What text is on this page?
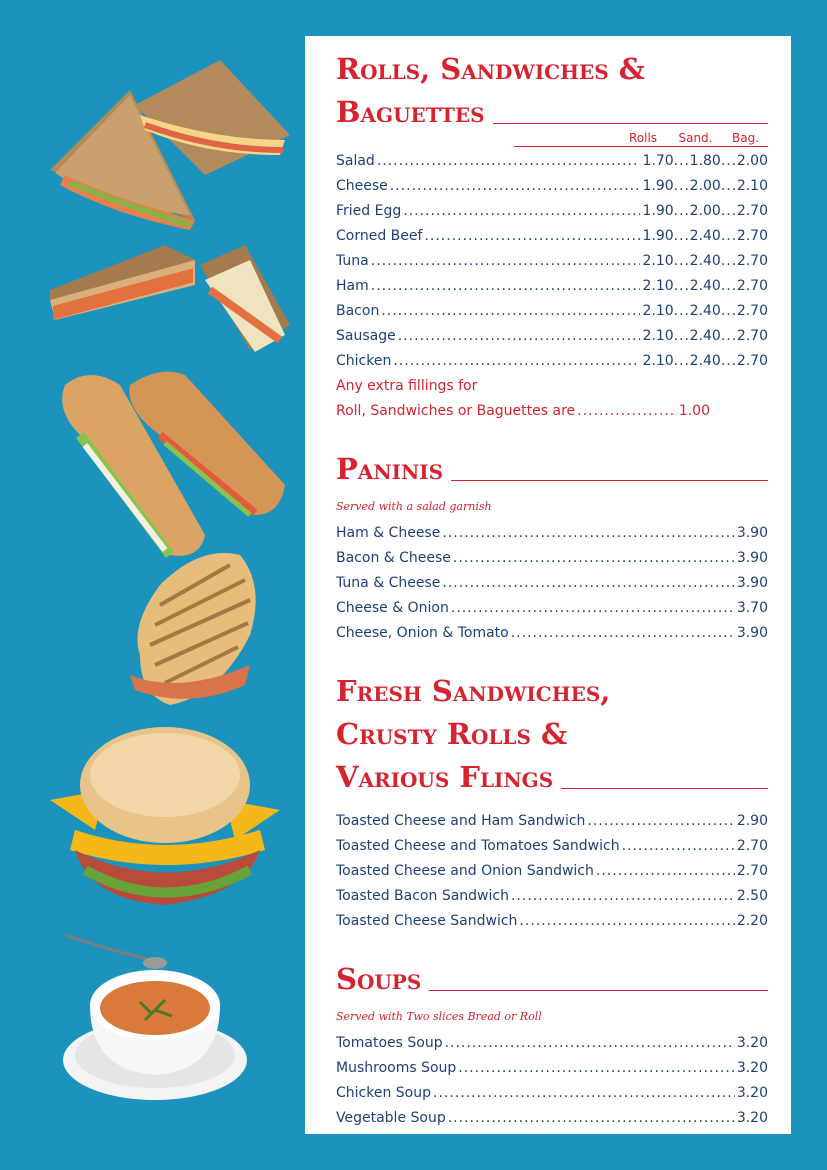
Rolls, Sandwiches &
Baguettes
Rolls	Sand.	Bag.
Salad .....	1.70 ..... 1.80 ..... 2.00
Cheese .....	1.90 ..... 2.00 ..... 2.10
Fried Egg .....	1.90 ..... 2.00 ..... 2.70
Corned Beef .....	1.90 ..... 2.40 ..... 2.70
Tuna .....	2.10 ..... 2.40 ..... 2.70
Ham .....	2.10 ..... 2.40 ..... 2.70
Bacon .....	2.10 ..... 2.40 ..... 2.70
Sausage .....	2.10 ..... 2.40 ..... 2.70
Chicken .....	2.10 ..... 2.40 ..... 2.70
Any extra fillings for
Roll, Sandwiches or Baguettes are .....	1.00
Paninis
Served with a salad garnish
Ham & Cheese .....	3.90
Bacon & Cheese .....	3.90
Tuna & Cheese .....	3.90
Cheese & Onion .....	3.70
Cheese, Onion & Tomato .....	3.90
Fresh Sandwiches,
Crusty Rolls &
Various Flings
Toasted Cheese and Ham Sandwich .....	2.90
Toasted Cheese and Tomatoes Sandwich .....	2.70
Toasted Cheese and Onion Sandwich .....	2.70
Toasted Bacon Sandwich .....	2.50
Toasted Cheese Sandwich .....	2.20
Soups
Served with Two slices Bread or Roll
Tomatoes Soup .....	3.20
Mushrooms Soup .....	3.20
Chicken Soup .....	3.20
Vegetable Soup .....	3.20
